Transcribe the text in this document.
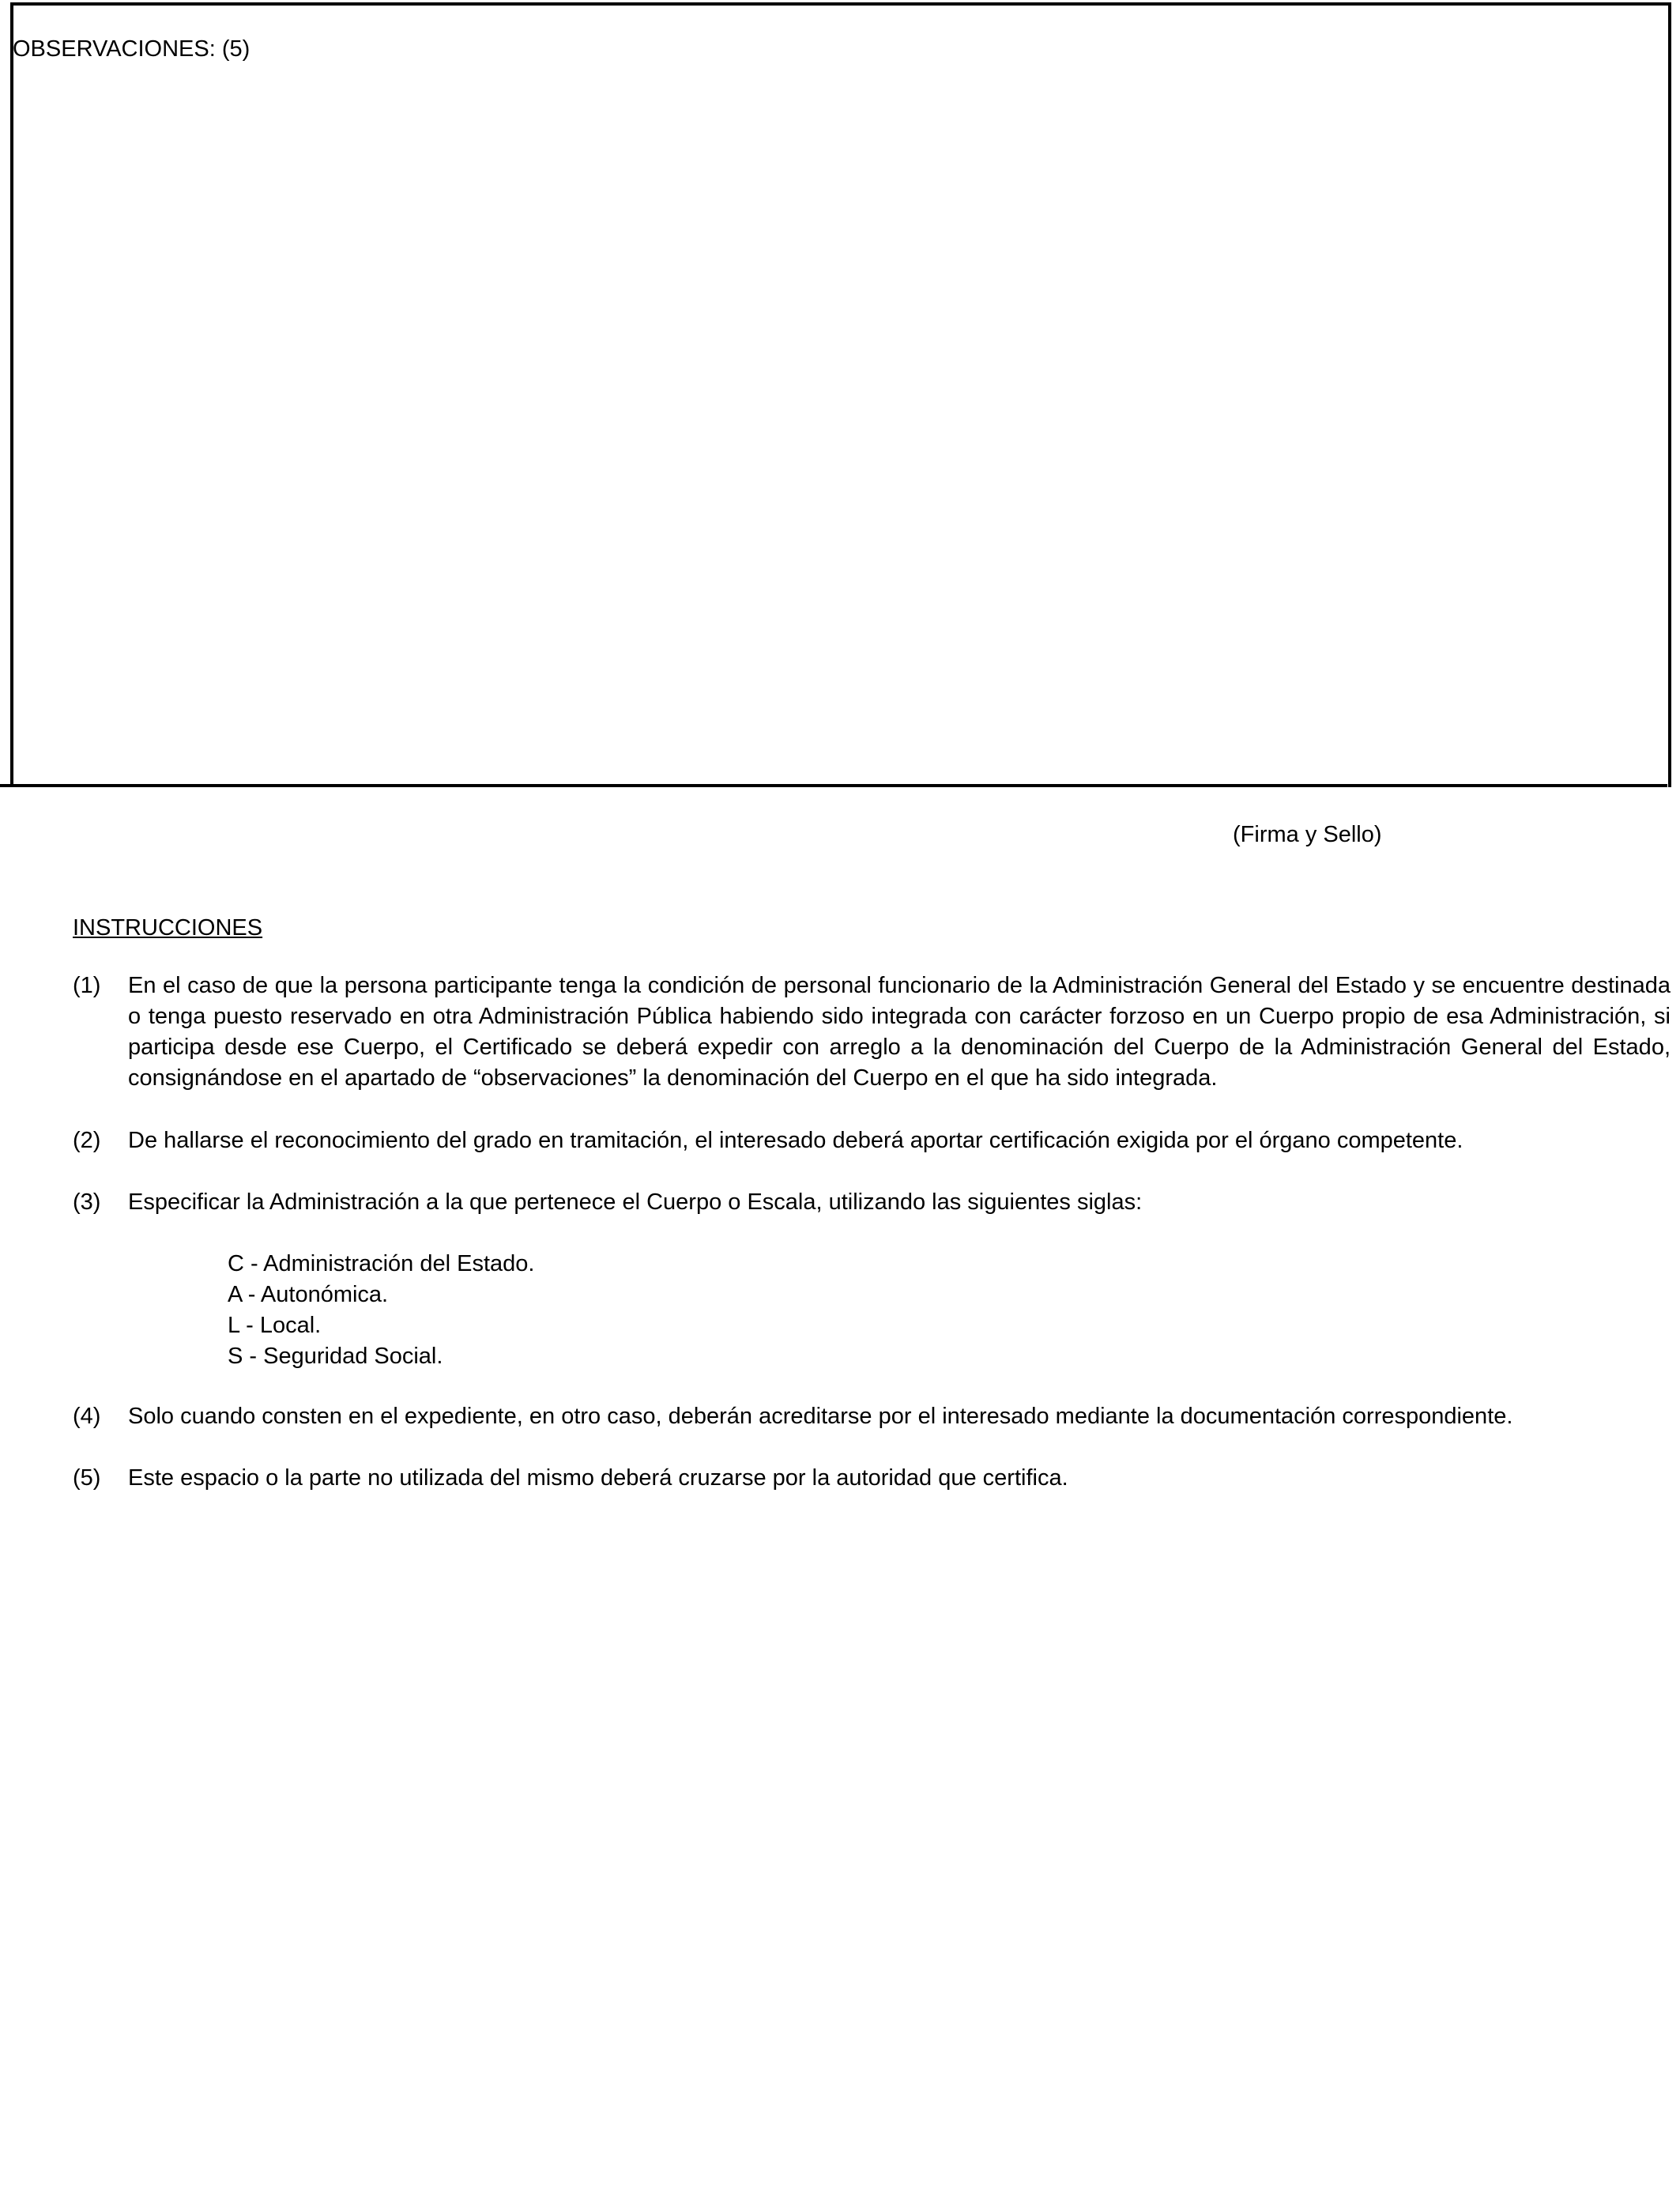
OBSERVACIONES: (5)
(Firma y Sello)
INSTRUCCIONES
(1) En el caso de que la persona participante tenga la condición de personal funcionario de la Administración General del Estado y se encuentre destinada o tenga puesto reservado en otra Administración Pública habiendo sido integrada con carácter forzoso en un Cuerpo propio de esa Administración, si participa desde ese Cuerpo, el Certificado se deberá expedir con arreglo a la denominación del Cuerpo de la Administración General del Estado, consignándose en el apartado de “observaciones” la denominación del Cuerpo en el que ha sido integrada.
(2) De hallarse el reconocimiento del grado en tramitación, el interesado deberá aportar certificación exigida por el órgano competente.
(3) Especificar la Administración a la que pertenece el Cuerpo o Escala, utilizando las siguientes siglas:
C - Administración del Estado.
A - Autonómica.
L - Local.
S - Seguridad Social.
(4) Solo cuando consten en el expediente, en otro caso, deberán acreditarse por el interesado mediante la documentación correspondiente.
(5) Este espacio o la parte no utilizada del mismo deberá cruzarse por la autoridad que certifica.
